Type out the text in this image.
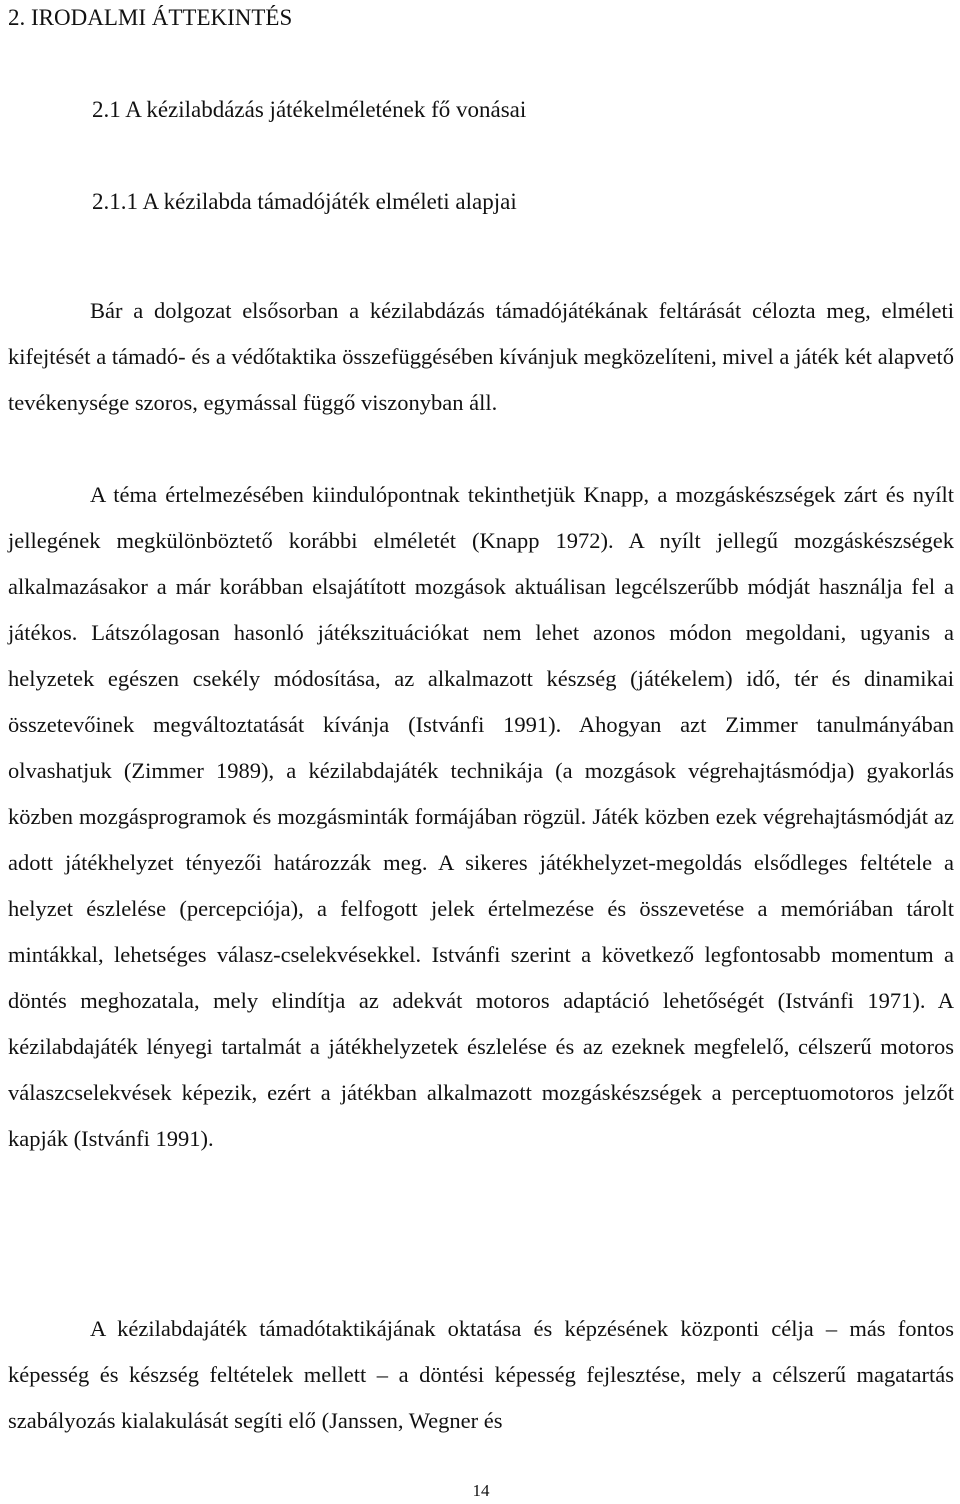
2. IRODALMI ÁTTEKINTÉS
2.1 A kézilabdázás játékelméletének fő vonásai
2.1.1 A kézilabda támadójáték elméleti alapjai

Bár a dolgozat elsősorban a kézilabdázás támadójátékának feltárását célozta meg, elméleti kifejtését a támadó- és a védőtaktika összefüggésében kívánjuk megközelíteni, mivel a játék két alapvető tevékenysége szoros, egymással függő viszonyban áll.

A téma értelmezésében kiindulópontnak tekinthetjük Knapp, a mozgáskészségek zárt és nyílt jellegének megkülönböztető korábbi elméletét (Knapp 1972). A nyílt jellegű mozgáskészségek alkalmazásakor a már korábban elsajátított mozgások aktuálisan legcélszerűbb módját használja fel a játékos. Látszólagosan hasonló játékszituációkat nem lehet azonos módon megoldani, ugyanis a helyzetek egészen csekély módosítása, az alkalmazott készség (játékelem) idő, tér és dinamikai összetevőinek megváltoztatását kívánja (Istvánfi 1991). Ahogyan azt Zimmer tanulmányában olvashatjuk (Zimmer 1989), a kézilabdajáték technikája (a mozgások végrehajtásmódja) gyakorlás közben mozgásprogramok és mozgásminták formájában rögzül. Játék közben ezek végrehajtásmódját az adott játékhelyzet tényezői határozzák meg. A sikeres játékhelyzet-megoldás elsődleges feltétele a helyzet észlelése (percepciója), a felfogott jelek értelmezése és összevetése a memóriában tárolt mintákkal, lehetséges válasz-cselekvésekkel. Istvánfi szerint a következő legfontosabb momentum a döntés meghozatala, mely elindítja az adekvát motoros adaptáció lehetőségét (Istvánfi 1971). A kézilabdajáték lényegi tartalmát a játékhelyzetek észlelése és az ezeknek megfelelő, célszerű motoros válaszcselekvések képezik, ezért a játékban alkalmazott mozgáskészségek a perceptuomotoros jelzőt kapják (Istvánfi 1991).

A kézilabdajáték támadótaktikájának oktatása és képzésének központi célja – más fontos képesség és készség feltételek mellett – a döntési képesség fejlesztése, mely a célszerű magatartás szabályozás kialakulását segíti elő (Janssen, Wegner és

14
